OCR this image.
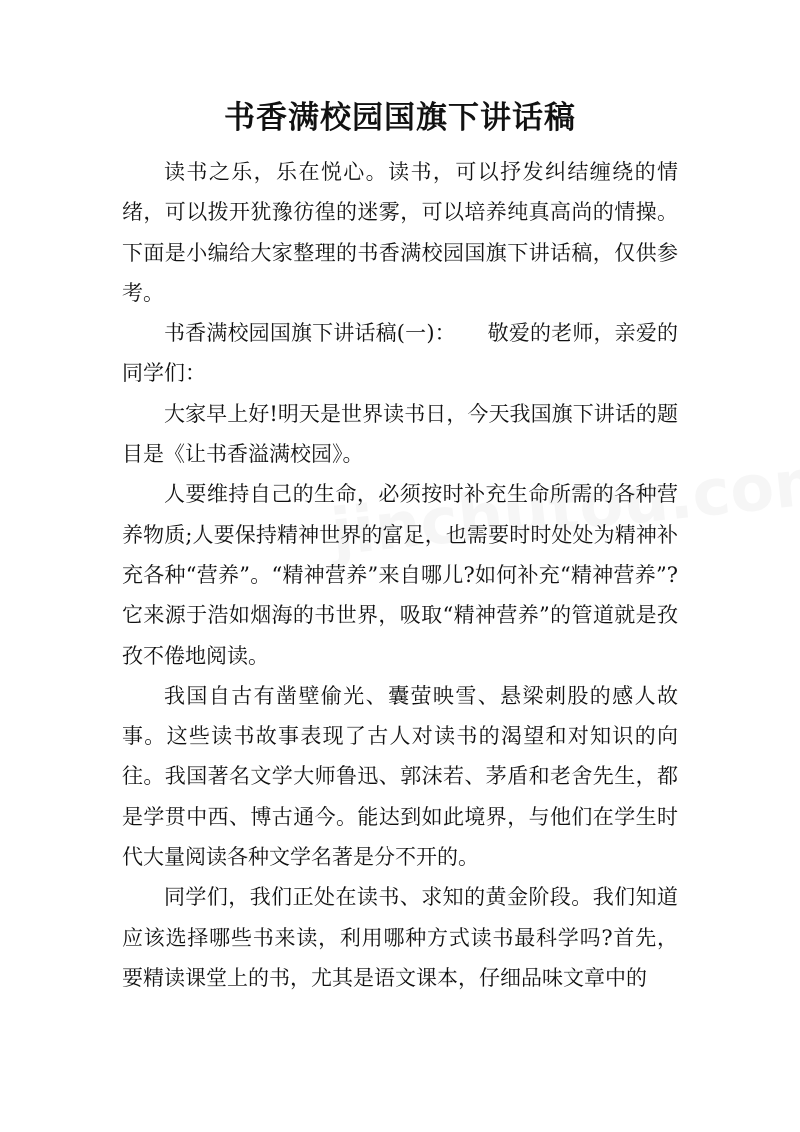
书香满校园国旗下讲话稿

读书之乐，乐在悦心。读书，可以抒发纠结缠绕的情绪，可以拨开犹豫彷徨的迷雾，可以培养纯真高尚的情操。下面是小编给大家整理的书香满校园国旗下讲话稿，仅供参考。

书香满校园国旗下讲话稿(一)：　　敬爱的老师，亲爱的同学们：

大家早上好!明天是世界读书日，今天我国旗下讲话的题目是《让书香溢满校园》。

人要维持自己的生命，必须按时补充生命所需的各种营养物质;人要保持精神世界的富足，也需要时时处处为精神补充各种“营养”。“精神营养”来自哪儿?如何补充“精神营养”?它来源于浩如烟海的书世界，吸取“精神营养”的管道就是孜孜不倦地阅读。

我国自古有凿壁偷光、囊萤映雪、悬梁刺股的感人故事。这些读书故事表现了古人对读书的渴望和对知识的向往。我国著名文学大师鲁迅、郭沫若、茅盾和老舍先生，都是学贯中西、博古通今。能达到如此境界，与他们在学生时代大量阅读各种文学名著是分不开的。

同学们，我们正处在读书、求知的黄金阶段。我们知道应该选择哪些书来读，利用哪种方式读书最科学吗?首先，要精读课堂上的书，尤其是语文课本，仔细品味文章中的
